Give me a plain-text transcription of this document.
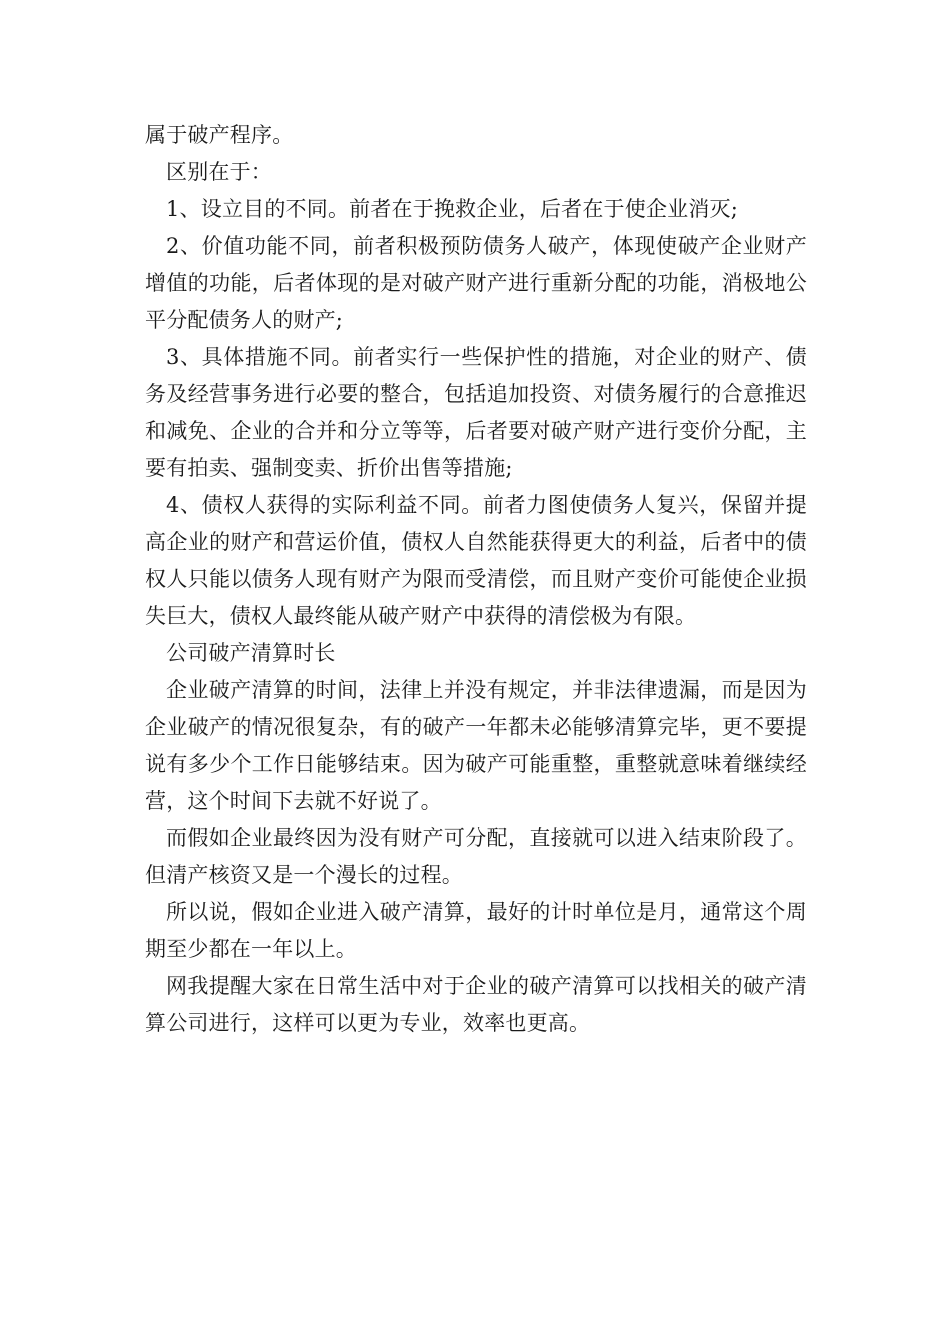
属于破产程序。

区别在于：

1、设立目的不同。前者在于挽救企业，后者在于使企业消灭;

2、价值功能不同，前者积极预防债务人破产，体现使破产企业财产增值的功能，后者体现的是对破产财产进行重新分配的功能，消极地公平分配债务人的财产;

3、具体措施不同。前者实行一些保护性的措施，对企业的财产、债务及经营事务进行必要的整合，包括追加投资、对债务履行的合意推迟和减免、企业的合并和分立等等，后者要对破产财产进行变价分配，主要有拍卖、强制变卖、折价出售等措施;

4、债权人获得的实际利益不同。前者力图使债务人复兴，保留并提高企业的财产和营运价值，债权人自然能获得更大的利益，后者中的债权人只能以债务人现有财产为限而受清偿，而且财产变价可能使企业损失巨大，债权人最终能从破产财产中获得的清偿极为有限。

公司破产清算时长

企业破产清算的时间，法律上并没有规定，并非法律遗漏，而是因为企业破产的情况很复杂，有的破产一年都未必能够清算完毕，更不要提说有多少个工作日能够结束。因为破产可能重整，重整就意味着继续经营，这个时间下去就不好说了。

而假如企业最终因为没有财产可分配，直接就可以进入结束阶段了。但清产核资又是一个漫长的过程。

所以说，假如企业进入破产清算，最好的计时单位是月，通常这个周期至少都在一年以上。

网我提醒大家在日常生活中对于企业的破产清算可以找相关的破产清算公司进行，这样可以更为专业，效率也更高。
